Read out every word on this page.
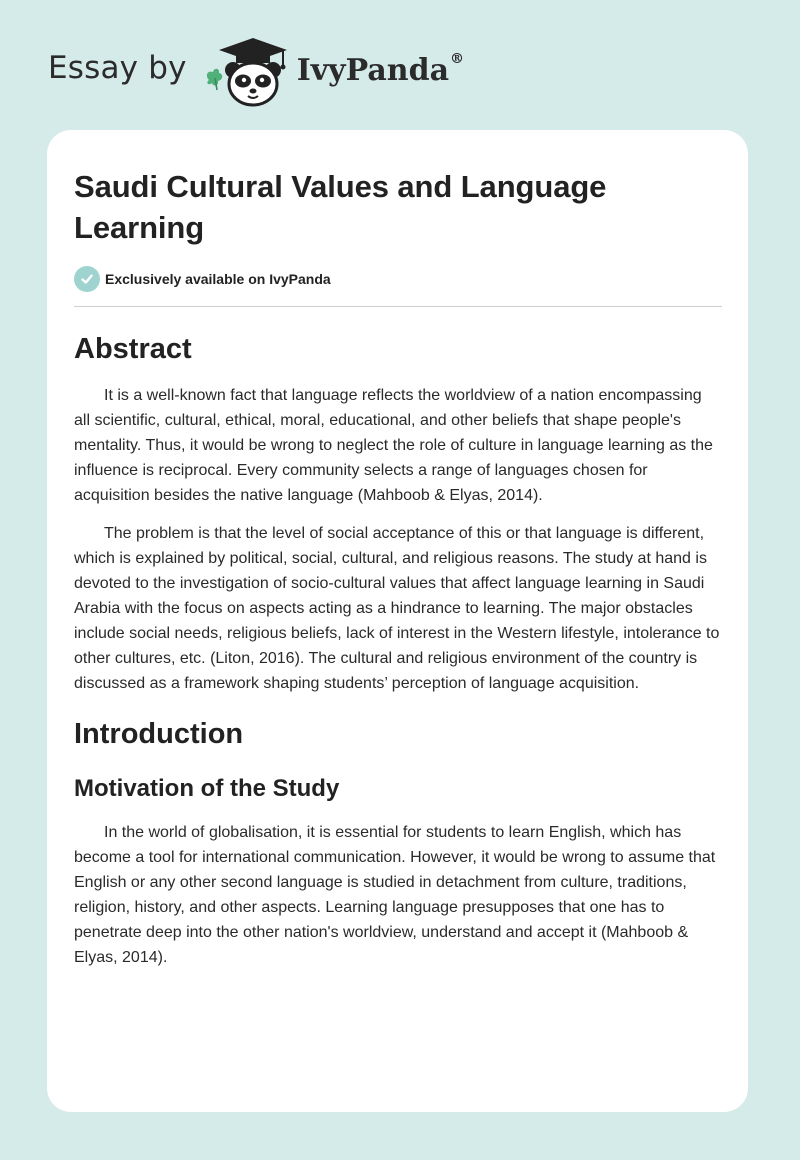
Essay by	IvyPanda®
Saudi Cultural Values and Language Learning
Exclusively available on IvyPanda
Abstract

It is a well-known fact that language reflects the worldview of a nation encompassing all scientific, cultural, ethical, moral, educational, and other beliefs that shape people's mentality. Thus, it would be wrong to neglect the role of culture in language learning as the influence is reciprocal. Every community selects a range of languages chosen for acquisition besides the native language (Mahboob & Elyas, 2014).

The problem is that the level of social acceptance of this or that language is different, which is explained by political, social, cultural, and religious reasons. The study at hand is devoted to the investigation of socio-cultural values that affect language learning in Saudi Arabia with the focus on aspects acting as a hindrance to learning. The major obstacles include social needs, religious beliefs, lack of interest in the Western lifestyle, intolerance to other cultures, etc. (Liton, 2016). The cultural and religious environment of the country is discussed as a framework shaping students’ perception of language acquisition.

Introduction
Motivation of the Study

In the world of globalisation, it is essential for students to learn English, which has become a tool for international communication. However, it would be wrong to assume that English or any other second language is studied in detachment from culture, traditions, religion, history, and other aspects. Learning language presupposes that one has to penetrate deep into the other nation's worldview, understand and accept it (Mahboob & Elyas, 2014).
